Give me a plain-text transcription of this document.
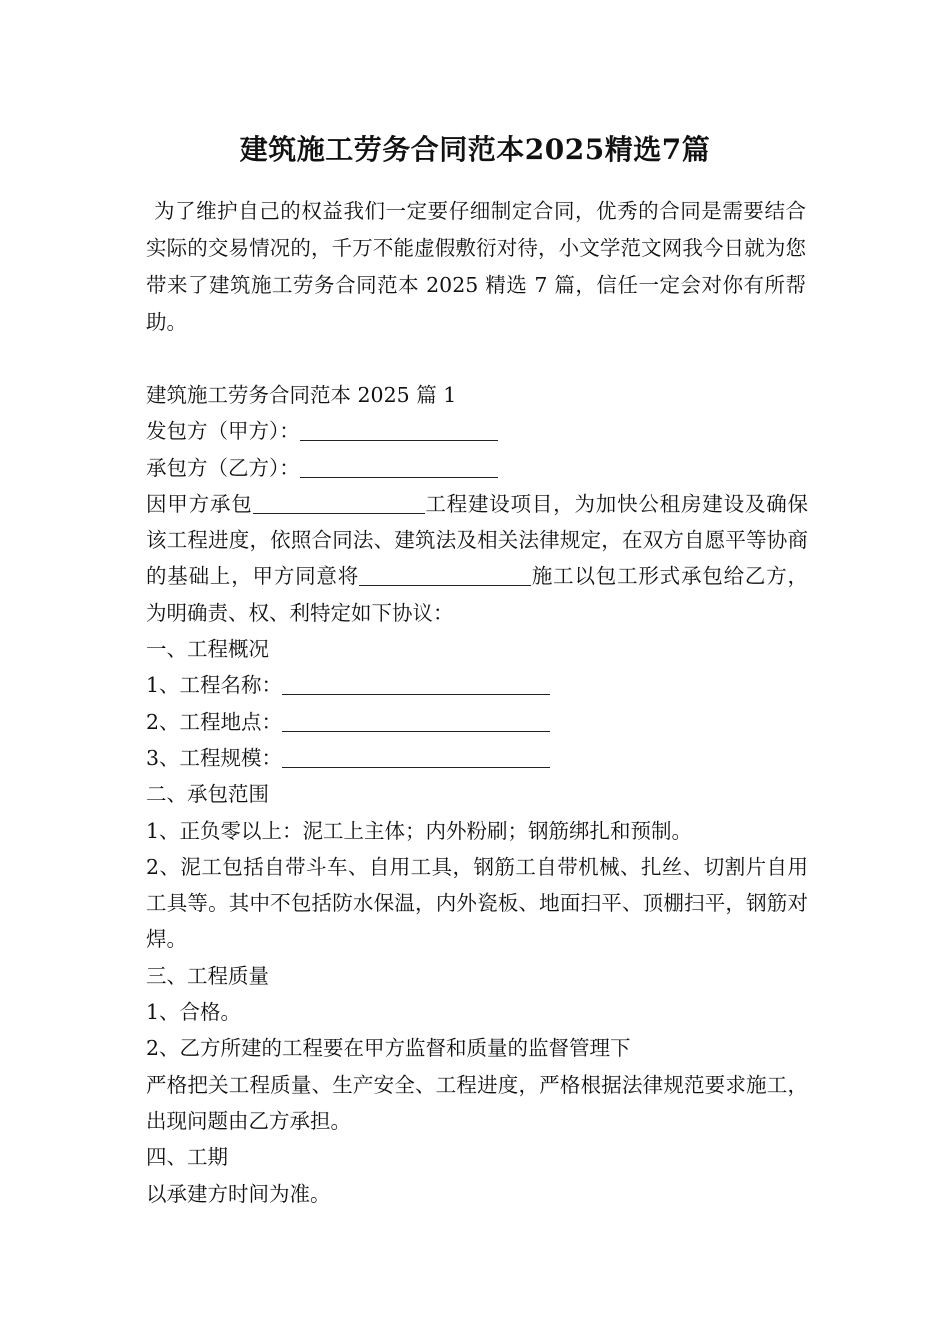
建筑施工劳务合同范本2025精选7篇
为了维护自己的权益我们一定要仔细制定合同，优秀的合同是需要结合实际的交易情况的，千万不能虚假敷衍对待，小文学范文网我今日就为您带来了建筑施工劳务合同范本 2025 精选 7 篇，信任一定会对你有所帮助。
建筑施工劳务合同范本 2025 篇 1
发包方（甲方）：
承包方（乙方）：
因甲方承包	工程建设项目，为加快公租房建设及确保该工程进度，依照合同法、建筑法及相关法律规定，在双方自愿平等协商的基础上，甲方同意将	施工以包工形式承包给乙方，为明确责、权、利特定如下协议：
一、工程概况
1、工程名称：
2、工程地点：
3、工程规模：
二、承包范围
1、正负零以上：泥工上主体；内外粉刷；钢筋绑扎和预制。
2、泥工包括自带斗车、自用工具，钢筋工自带机械、扎丝、切割片自用工具等。其中不包括防水保温，内外瓷板、地面扫平、顶棚扫平，钢筋对焊。
三、工程质量
1、合格。
2、乙方所建的工程要在甲方监督和质量的监督管理下
严格把关工程质量、生产安全、工程进度，严格根据法律规范要求施工，出现问题由乙方承担。
四、工期
以承建方时间为准。
